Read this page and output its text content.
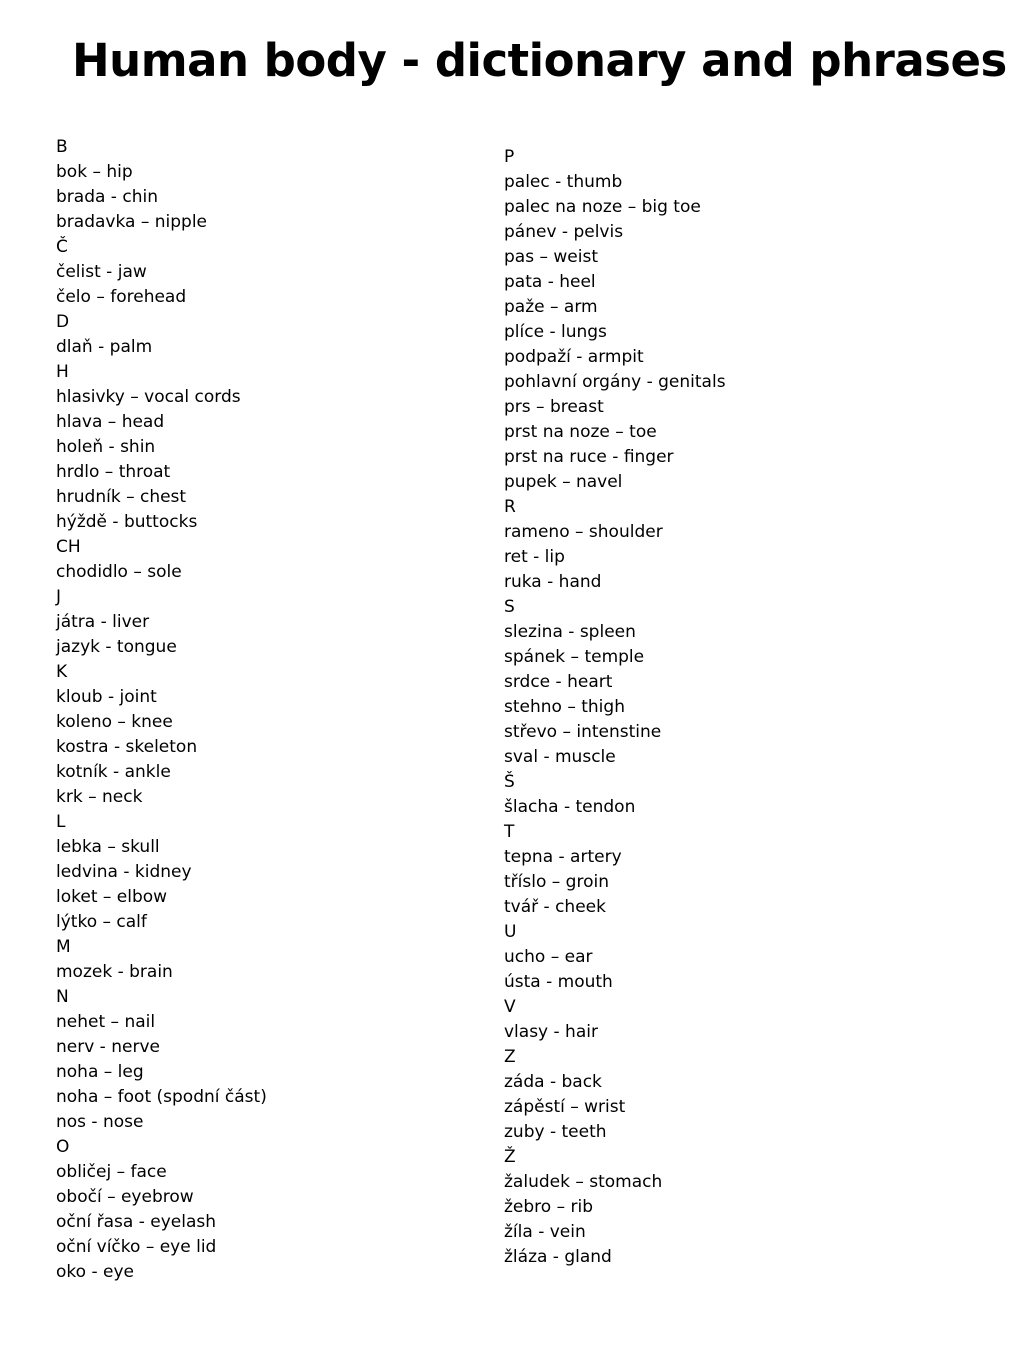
Human body - dictionary and phrases
B
bok – hip
brada - chin
bradavka – nipple
Č
čelist - jaw
čelo – forehead
D
dlaň - palm
H
hlasivky – vocal cords
hlava – head
holeň - shin
hrdlo – throat
hrudník – chest
hýždě - buttocks
CH
chodidlo – sole
J
játra - liver
jazyk - tongue
K
kloub - joint
koleno – knee
kostra - skeleton
kotník - ankle
krk – neck
L
lebka – skull
ledvina - kidney
loket – elbow
lýtko – calf
M
mozek - brain
N
nehet – nail
nerv - nerve
noha – leg
noha – foot (spodní část)
nos - nose
O
obličej – face
obočí – eyebrow
oční řasa - eyelash
oční víčko – eye lid
oko - eye
P
palec - thumb
palec na noze – big toe
pánev - pelvis
pas – weist
pata - heel
paže – arm
plíce - lungs
podpaží - armpit
pohlavní orgány - genitals
prs – breast
prst na noze – toe
prst na ruce - finger
pupek – navel
R
rameno – shoulder
ret - lip
ruka - hand
S
slezina - spleen
spánek – temple
srdce - heart
stehno – thigh
střevo – intenstine
sval - muscle
Š
šlacha - tendon
T
tepna - artery
tříslo – groin
tvář - cheek
U
ucho – ear
ústa - mouth
V
vlasy - hair
Z
záda - back
zápěstí – wrist
zuby - teeth
Ž
žaludek – stomach
žebro – rib
žíla - vein
žláza - gland
